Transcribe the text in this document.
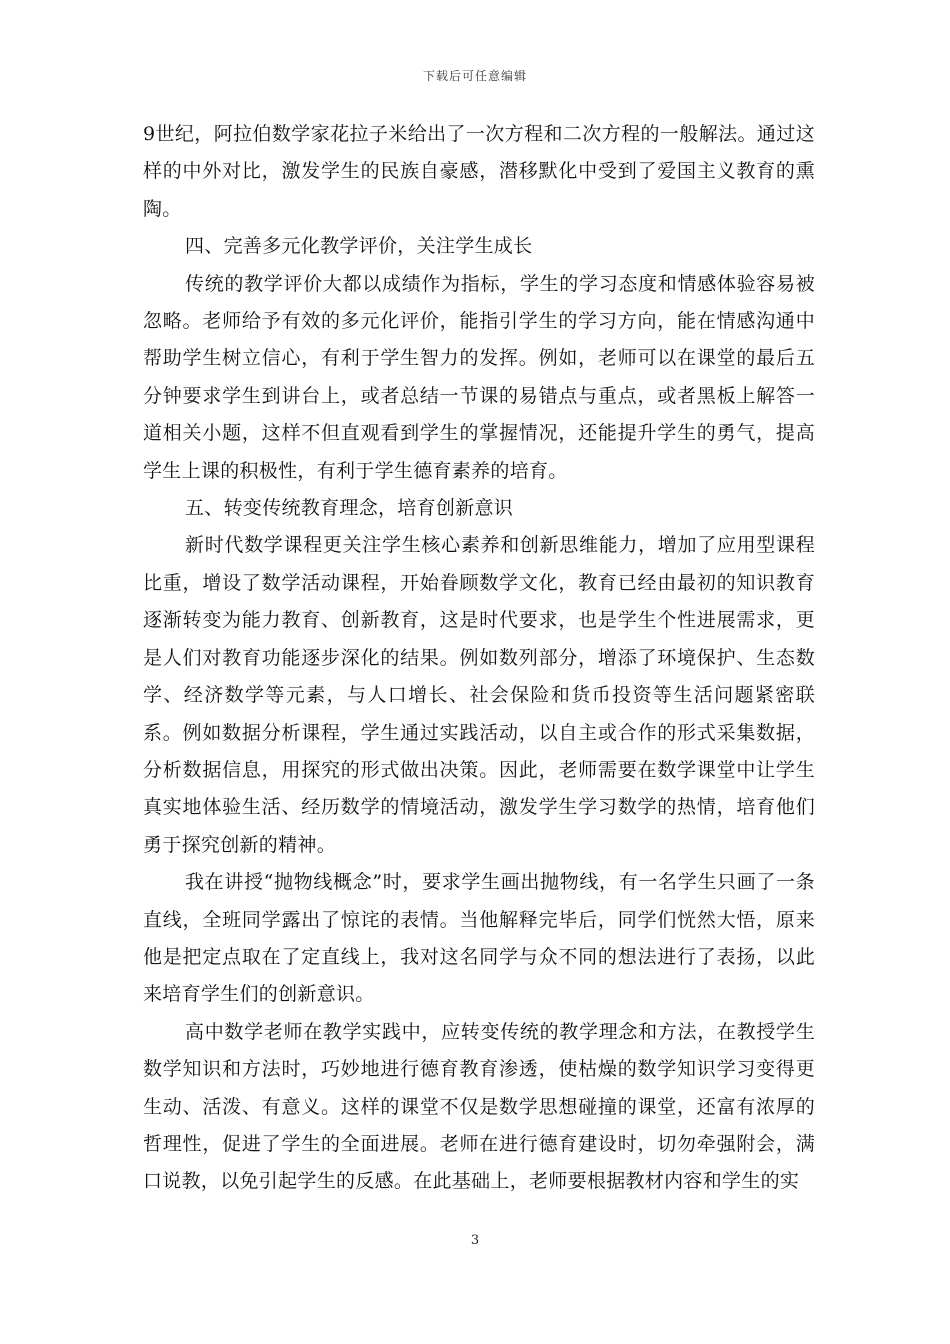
下载后可任意编辑

9世纪，阿拉伯数学家花拉子米给出了一次方程和二次方程的一般解法。通过这样的中外对比，激发学生的民族自豪感，潜移默化中受到了爱国主义教育的熏陶。

四、完善多元化教学评价，关注学生成长

传统的教学评价大都以成绩作为指标，学生的学习态度和情感体验容易被忽略。老师给予有效的多元化评价，能指引学生的学习方向，能在情感沟通中帮助学生树立信心，有利于学生智力的发挥。例如，老师可以在课堂的最后五分钟要求学生到讲台上，或者总结一节课的易错点与重点，或者黑板上解答一道相关小题，这样不但直观看到学生的掌握情况，还能提升学生的勇气，提高学生上课的积极性，有利于学生德育素养的培育。

五、转变传统教育理念，培育创新意识

新时代数学课程更关注学生核心素养和创新思维能力，增加了应用型课程比重，增设了数学活动课程，开始眷顾数学文化，教育已经由最初的知识教育逐渐转变为能力教育、创新教育，这是时代要求，也是学生个性进展需求，更是人们对教育功能逐步深化的结果。例如数列部分，增添了环境保护、生态数学、经济数学等元素，与人口增长、社会保险和货币投资等生活问题紧密联系。例如数据分析课程，学生通过实践活动，以自主或合作的形式采集数据，分析数据信息，用探究的形式做出决策。因此，老师需要在数学课堂中让学生真实地体验生活、经历数学的情境活动，激发学生学习数学的热情，培育他们勇于探究创新的精神。

我在讲授“抛物线概念”时，要求学生画出抛物线，有一名学生只画了一条直线，全班同学露出了惊诧的表情。当他解释完毕后，同学们恍然大悟，原来他是把定点取在了定直线上，我对这名同学与众不同的想法进行了表扬，以此来培育学生们的创新意识。

高中数学老师在教学实践中，应转变传统的教学理念和方法，在教授学生数学知识和方法时，巧妙地进行德育教育渗透，使枯燥的数学知识学习变得更生动、活泼、有意义。这样的课堂不仅是数学思想碰撞的课堂，还富有浓厚的哲理性，促进了学生的全面进展。老师在进行德育建设时，切勿牵强附会，满口说教，以免引起学生的反感。在此基础上，老师要根据教材内容和学生的实

3
